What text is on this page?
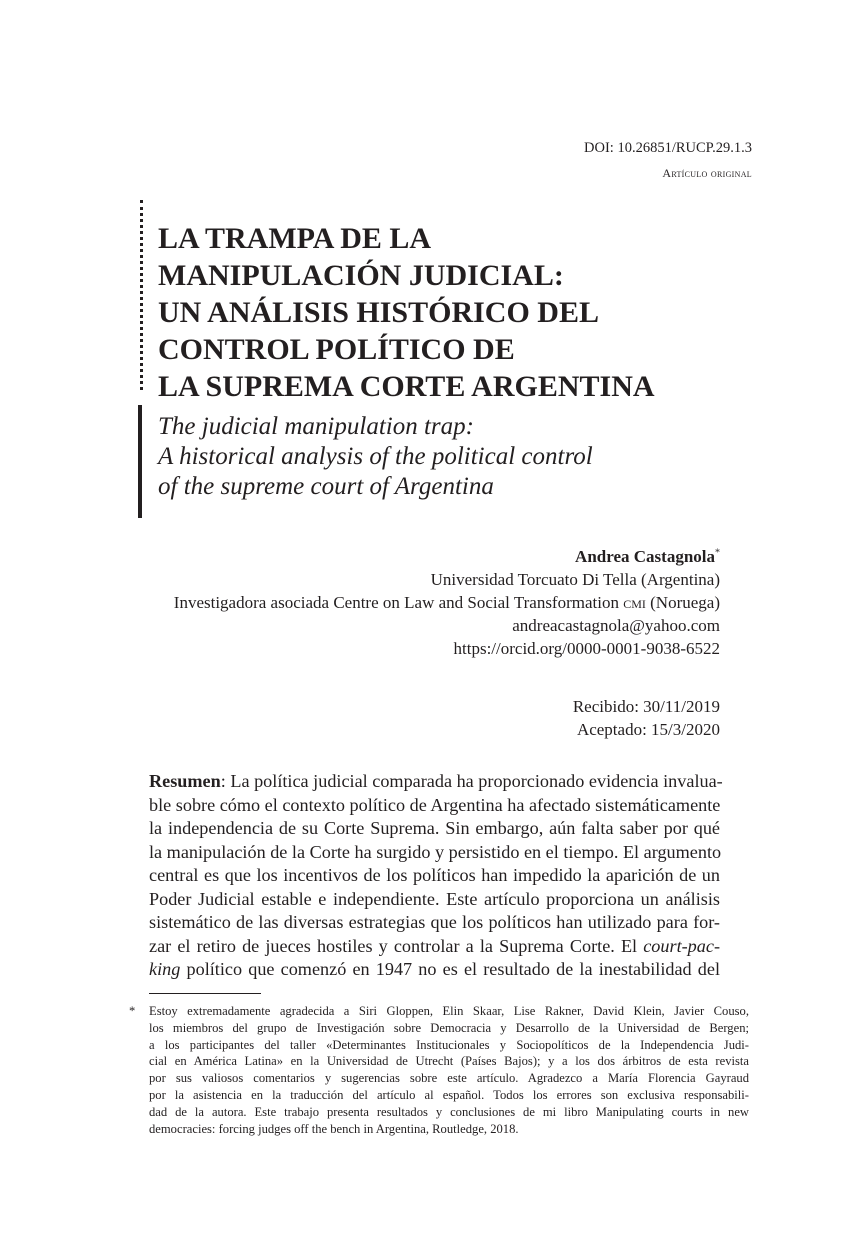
DOI: 10.26851/RUCP.29.1.3
Artículo original
LA TRAMPA DE LA
MANIPULACIÓN JUDICIAL:
UN ANÁLISIS HISTÓRICO DEL
CONTROL POLÍTICO DE
LA SUPREMA CORTE ARGENTINA
The judicial manipulation trap:
A historical analysis of the political control
of the supreme court of Argentina
Andrea Castagnola*
Universidad Torcuato Di Tella (Argentina)
Investigadora asociada Centre on Law and Social Transformation cmi (Noruega)
andreacastagnola@yahoo.com
https://orcid.org/0000-0001-9038-6522
Recibido: 30/11/2019
Aceptado: 15/3/2020
Resumen: La política judicial comparada ha proporcionado evidencia invalua-
ble sobre cómo el contexto político de Argentina ha afectado sistemáticamente
la independencia de su Corte Suprema. Sin embargo, aún falta saber por qué
la manipulación de la Corte ha surgido y persistido en el tiempo. El argumento
central es que los incentivos de los políticos han impedido la aparición de un
Poder Judicial estable e independiente. Este artículo proporciona un análisis
sistemático de las diversas estrategias que los políticos han utilizado para for-
zar el retiro de jueces hostiles y controlar a la Suprema Corte. El court-pac-
king político que comenzó en 1947 no es el resultado de la inestabilidad del
* Estoy extremadamente agradecida a Siri Gloppen, Elin Skaar, Lise Rakner, David Klein, Javier Couso,
los miembros del grupo de Investigación sobre Democracia y Desarrollo de la Universidad de Bergen;
a los participantes del taller «Determinantes Institucionales y Sociopolíticos de la Independencia Judi-
cial en América Latina» en la Universidad de Utrecht (Países Bajos); y a los dos árbitros de esta revista
por sus valiosos comentarios y sugerencias sobre este artículo. Agradezco a María Florencia Gayraud
por la asistencia en la traducción del artículo al español. Todos los errores son exclusiva responsabili-
dad de la autora. Este trabajo presenta resultados y conclusiones de mi libro Manipulating courts in new
democracies: forcing judges off the bench in Argentina, Routledge, 2018.
